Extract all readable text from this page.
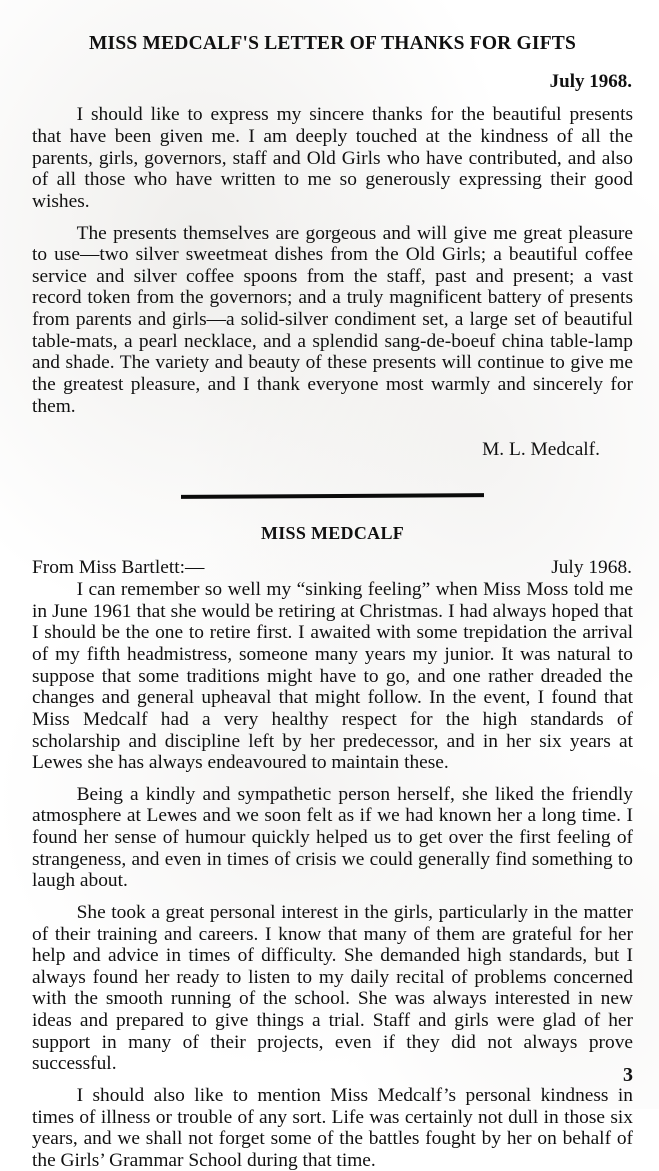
MISS MEDCALF'S LETTER OF THANKS FOR GIFTS
July 1968.

I should like to express my sincere thanks for the beautiful presents that have been given me. I am deeply touched at the kindness of all the parents, girls, governors, staff and Old Girls who have contributed, and also of all those who have written to me so generously expressing their good wishes.

The presents themselves are gorgeous and will give me great pleasure to use—two silver sweetmeat dishes from the Old Girls; a beautiful coffee service and silver coffee spoons from the staff, past and present; a vast record token from the governors; and a truly magnificent battery of presents from parents and girls—a solid-silver condiment set, a large set of beautiful table-mats, a pearl necklace, and a splendid sang-de-boeuf china table-lamp and shade. The variety and beauty of these presents will continue to give me the greatest pleasure, and I thank everyone most warmly and sincerely for them.

M. L. Medcalf.
MISS MEDCALF
From Miss Bartlett:—	July 1968.

I can remember so well my “sinking feeling” when Miss Moss told me in June 1961 that she would be retiring at Christmas. I had always hoped that I should be the one to retire first. I awaited with some trepidation the arrival of my fifth headmistress, someone many years my junior. It was natural to suppose that some traditions might have to go, and one rather dreaded the changes and general upheaval that might follow. In the event, I found that Miss Medcalf had a very healthy respect for the high standards of scholarship and discipline left by her predecessor, and in her six years at Lewes she has always endeavoured to maintain these.

Being a kindly and sympathetic person herself, she liked the friendly atmosphere at Lewes and we soon felt as if we had known her a long time. I found her sense of humour quickly helped us to get over the first feeling of strangeness, and even in times of crisis we could generally find something to laugh about.

She took a great personal interest in the girls, particularly in the matter of their training and careers. I know that many of them are grateful for her help and advice in times of difficulty. She demanded high standards, but I always found her ready to listen to my daily recital of problems concerned with the smooth running of the school. She was always interested in new ideas and prepared to give things a trial. Staff and girls were glad of her support in many of their projects, even if they did not always prove successful.

I should also like to mention Miss Medcalf’s personal kindness in times of illness or trouble of any sort. Life was certainly not dull in those six years, and we shall not forget some of the battles fought by her on behalf of the Girls’ Grammar School during that time.

3
